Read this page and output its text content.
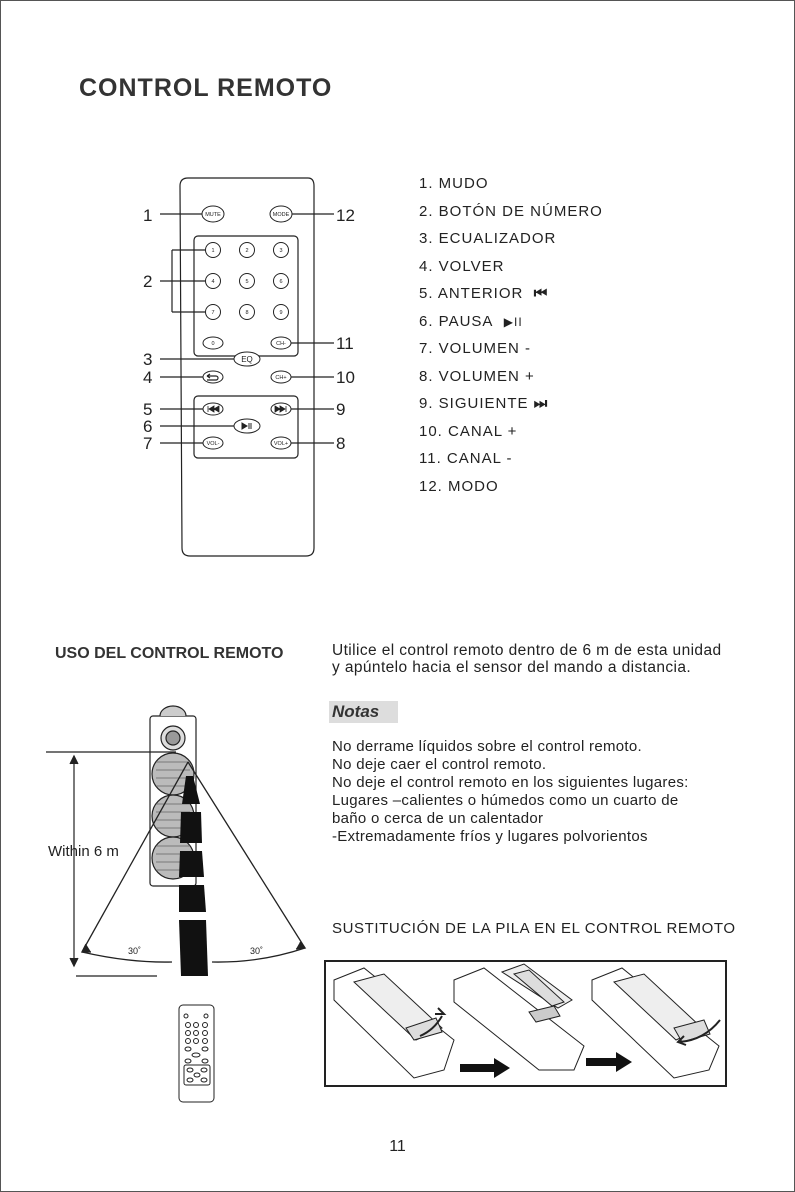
CONTROL REMOTO
MUTE	MODE
1	2	3
4	5	6
7	8	9
0	CH-
CH+
VOL-	VOL+
EQ
1
2
3
4
5
6
7
12
11
10
9
8
1. MUDO
2. BOTÓN DE NÚMERO
3. ECUALIZADOR
4. VOLVER
5. ANTERIOR ⏮
6. PAUSA ▶II
7. VOLUMEN -
8. VOLUMEN +
9. SIGUIENTE ⏭
10. CANAL +
11. CANAL -
12. MODO
USO DEL CONTROL REMOTO	Utilice el control remoto dentro de 6 m de esta unidad
y apúntelo hacia el sensor del mando a distancia.
Notas
No derrame líquidos sobre el control remoto.
No deje caer el control remoto.
No deje el control remoto en los siguientes lugares:
Lugares –calientes o húmedos como un cuarto de
baño o cerca de un calentador
-Extremadamente fríos y lugares polvorientos
Within 6 m
30˚	30˚
SUSTITUCIÓN DE LA PILA EN EL CONTROL REMOTO
11
